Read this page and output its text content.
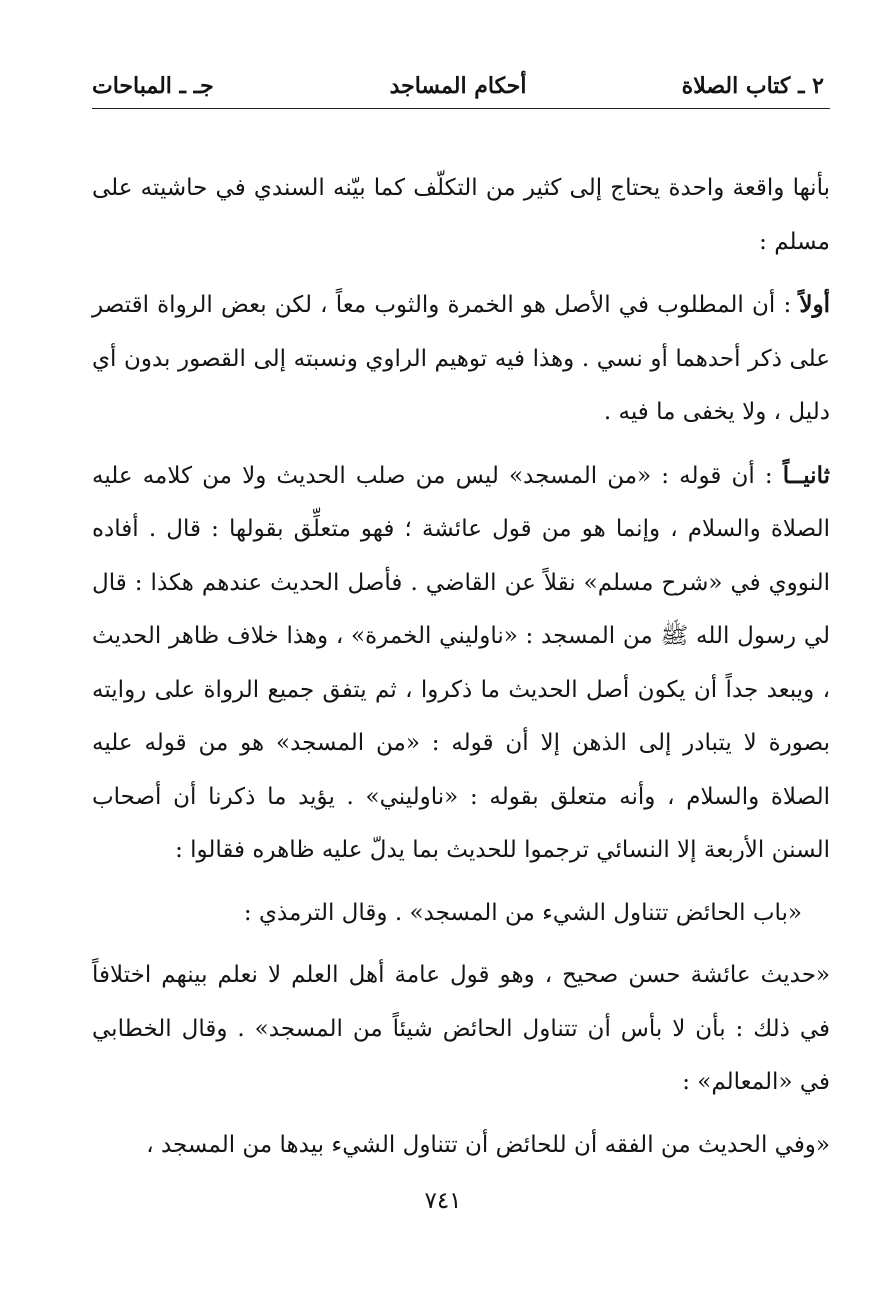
٢ ـ كتاب الصلاة
أحكام المساجد
جـ ـ المباحات

بأنها واقعة واحدة يحتاج إلى كثير من التكلّف كما بيّنه السندي في حاشيته على مسلم :

أولاً : أن المطلوب في الأصل هو الخمرة والثوب معاً ، لكن بعض الرواة اقتصر على ذكر أحدهما أو نسي . وهذا فيه توهيم الراوي ونسبته إلى القصور بدون أي دليل ، ولا يخفى ما فيه .

ثانيــاً : أن قوله : «من المسجد» ليس من صلب الحديث ولا من كلامه عليه الصلاة والسلام ، وإنما هو من قول عائشة ؛ فهو متعلِّق بقولها : قال . أفاده النووي في «شرح مسلم» نقلاً عن القاضي . فأصل الحديث عندهم هكذا : قال لي رسول الله ﷺ من المسجد : «ناوليني الخمرة» ، وهذا خلاف ظاهر الحديث ، ويبعد جداً أن يكون أصل الحديث ما ذكروا ، ثم يتفق جميع الرواة على روايته بصورة لا يتبادر إلى الذهن إلا أن قوله : «من المسجد» هو من قوله عليه الصلاة والسلام ، وأنه متعلق بقوله : «ناوليني» . يؤيد ما ذكرنا أن أصحاب السنن الأربعة إلا النسائي ترجموا للحديث بما يدلّ عليه ظاهره فقالوا :

«باب الحائض تتناول الشيء من المسجد» . وقال الترمذي :

«حديث عائشة حسن صحيح ، وهو قول عامة أهل العلم لا نعلم بينهم اختلافاً في ذلك : بأن لا بأس أن تتناول الحائض شيئاً من المسجد» . وقال الخطابي في «المعالم» :

«وفي الحديث من الفقه أن للحائض أن تتناول الشيء بيدها من المسجد ،

٧٤١
